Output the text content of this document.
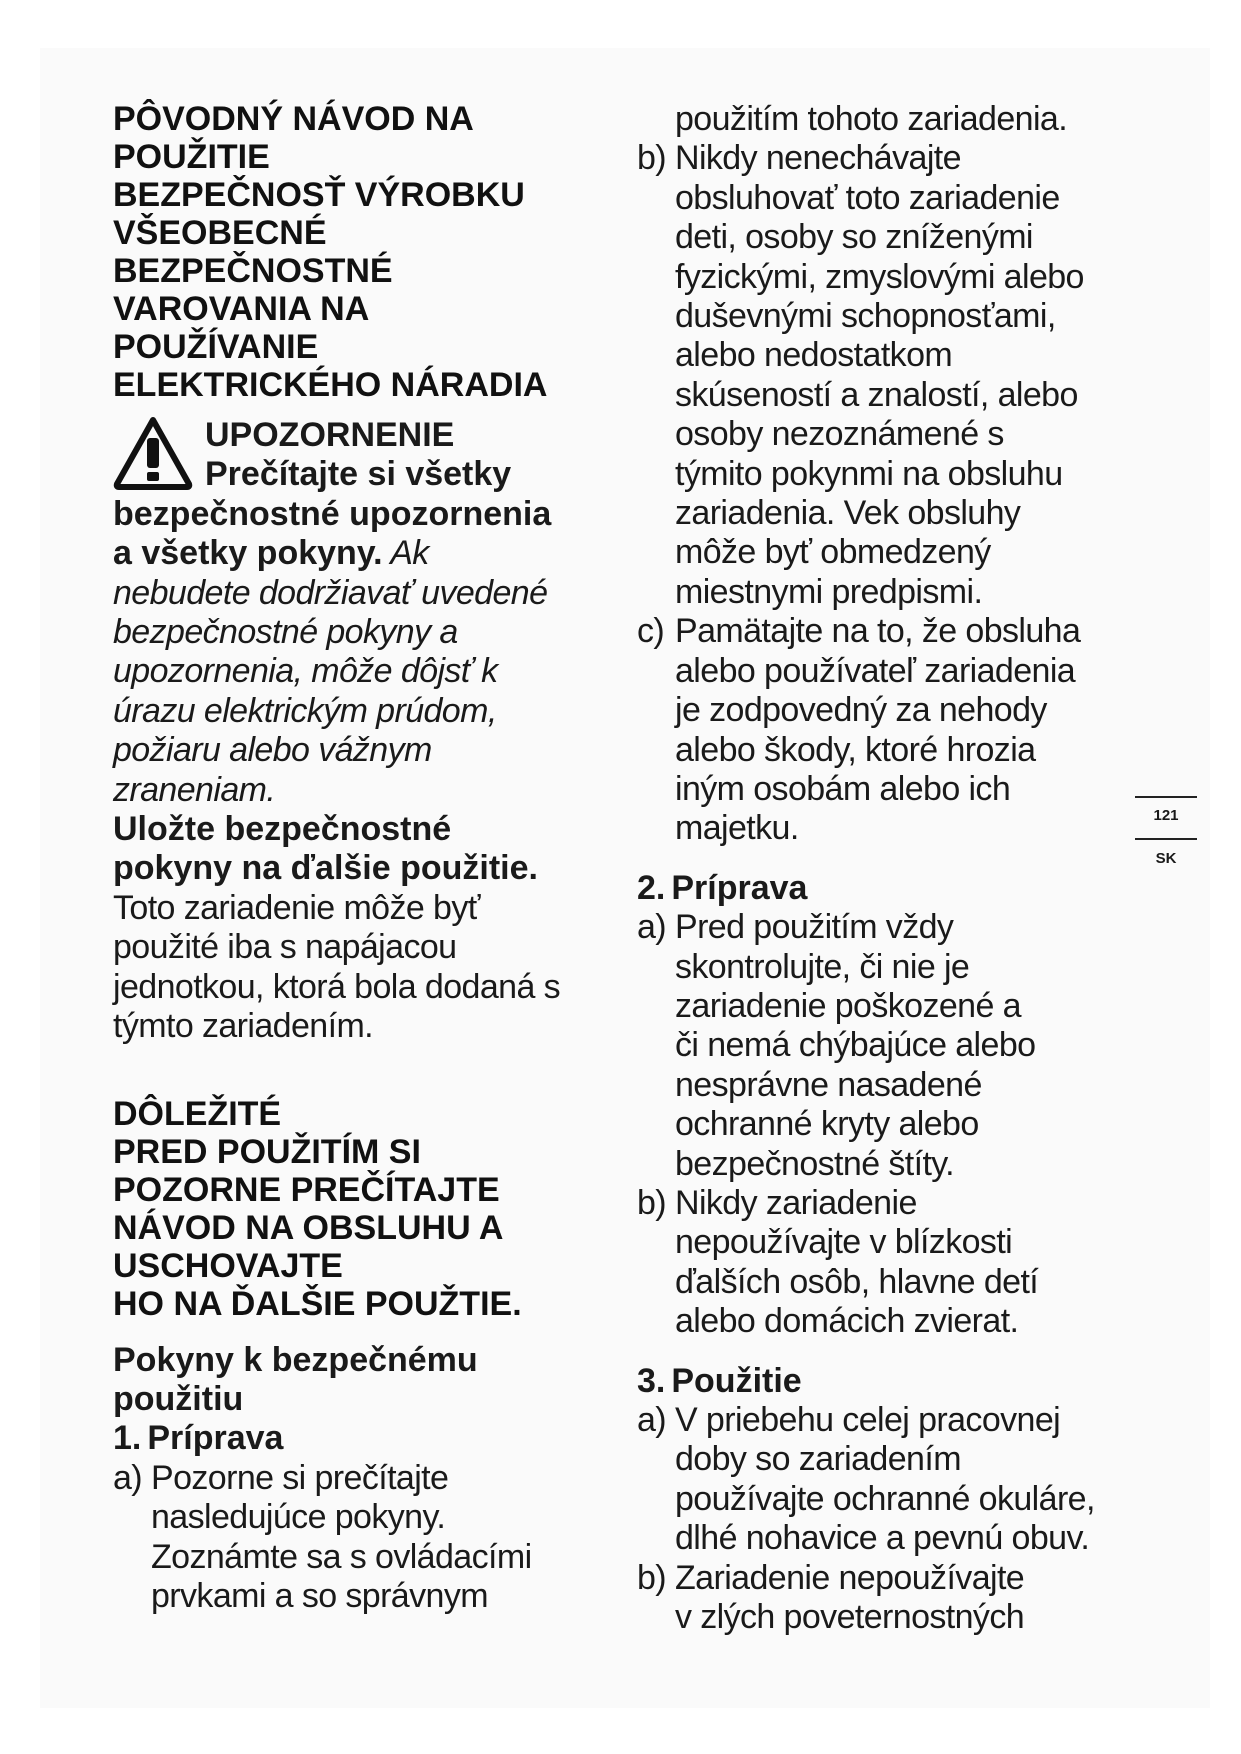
PÔVODNÝ NÁVOD NA
POUŽITIE
BEZPEČNOSŤ VÝROBKU
VŠEOBECNÉ
BEZPEČNOSTNÉ
VAROVANIA NA
POUŽÍVANIE
ELEKTRICKÉHO NÁRADIA
UPOZORNENIE
Prečítajte si všetky
bezpečnostné upozornenia
a všetky pokyny. Ak
nebudete dodržiavať uvedené
bezpečnostné pokyny a
upozornenia, môže dôjsť k
úrazu elektrickým prúdom,
požiaru alebo vážnym
zraneniam.
Uložte bezpečnostné
pokyny na ďalšie použitie.
Toto zariadenie môže byť
použité iba s napájacou
jednotkou, ktorá bola dodaná s
týmto zariadením.
DÔLEŽITÉ
PRED POUŽITÍM SI
POZORNE PREČÍTAJTE
NÁVOD NA OBSLUHU A
USCHOVAJTE
HO NA ĎALŠIE POUŽTIE.
Pokyny k bezpečnému
použitiu
1. Príprava
a) Pozorne si prečítajte
nasledujúce pokyny.
Zoznámte sa s ovládacími
prvkami a so správnym
použitím tohoto zariadenia.
b) Nikdy nenechávajte
obsluhovať toto zariadenie
deti, osoby so zníženými
fyzickými, zmyslovými alebo
duševnými schopnosťami,
alebo nedostatkom
skúseností a znalostí, alebo
osoby nezoznámené s
týmito pokynmi na obsluhu
zariadenia. Vek obsluhy
môže byť obmedzený
miestnymi predpismi.
c) Pamätajte na to, že obsluha
alebo používateľ zariadenia
je zodpovedný za nehody
alebo škody, ktoré hrozia
iným osobám alebo ich
majetku.
2. Príprava
a) Pred použitím vždy
skontrolujte, či nie je
zariadenie poškozené a
či nemá chýbajúce alebo
nesprávne nasadené
ochranné kryty alebo
bezpečnostné štíty.
b) Nikdy zariadenie
nepoužívajte v blízkosti
ďalších osôb, hlavne detí
alebo domácich zvierat.
3. Použitie
a) V priebehu celej pracovnej
doby so zariadením
používajte ochranné okuláre,
dlhé nohavice a pevnú obuv.
b) Zariadenie nepoužívajte
v zlých poveternostných
121
SK
